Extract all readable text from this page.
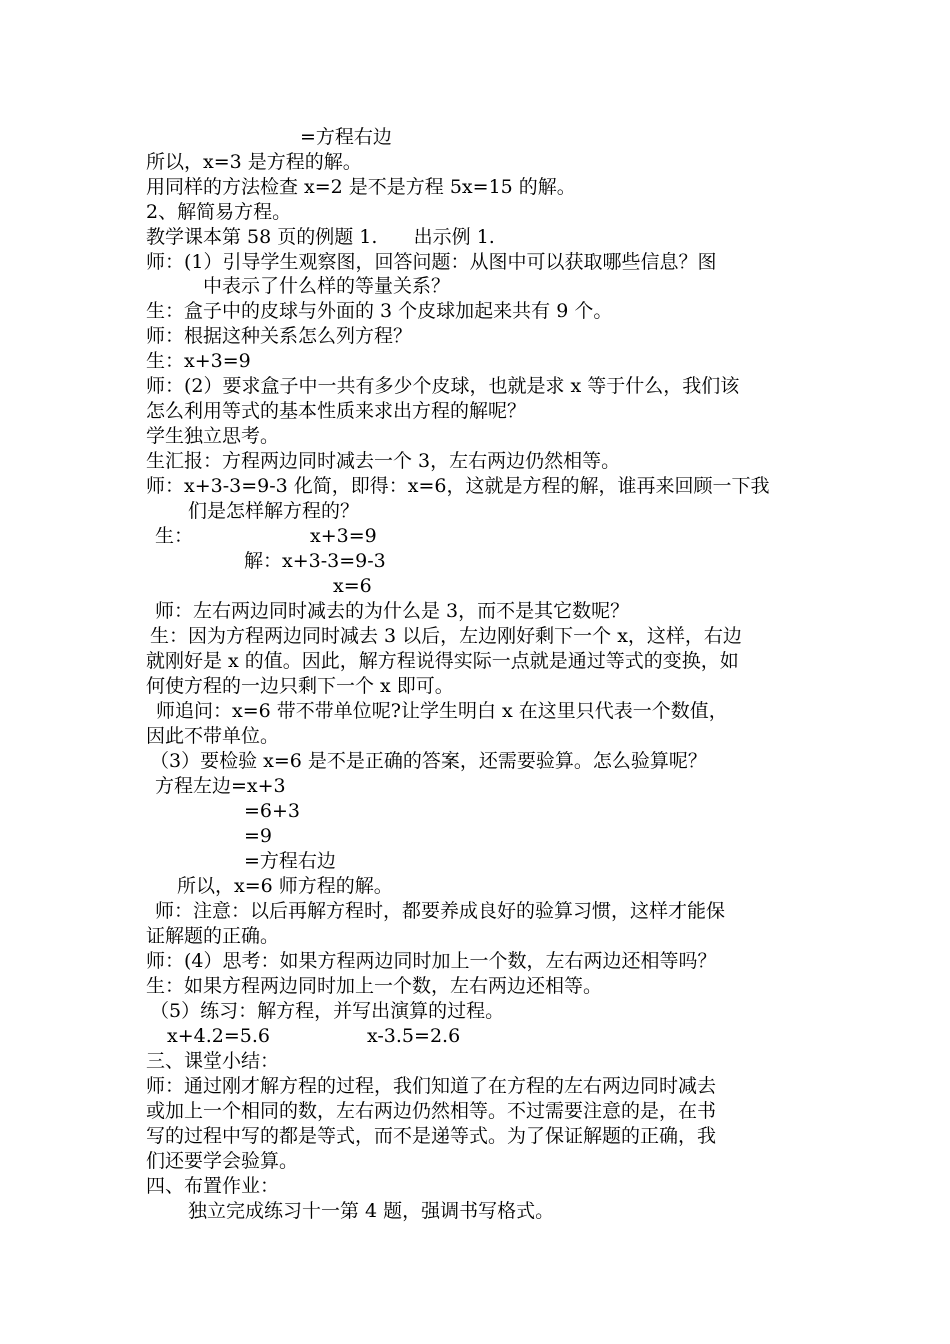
=方程右边

所以，x=3 是方程的解。

用同样的方法检查 x=2 是不是方程 5x=15 的解。

2、解简易方程。

教学课本第 58 页的例题 1.      出示例 1.

师：(1）引导学生观察图，回答问题：从图中可以获取哪些信息？图

中表示了什么样的等量关系？

生：盒子中的皮球与外面的 3 个皮球加起来共有 9 个。

师：根据这种关系怎么列方程？

生：x+3=9

师：(2）要求盒子中一共有多少个皮球，也就是求 x 等于什么，我们该

怎么利用等式的基本性质来求出方程的解呢？

学生独立思考。

生汇报：方程两边同时减去一个 3，左右两边仍然相等。

师：x+3-3=9-3 化简，即得：x=6，这就是方程的解，谁再来回顾一下我

们是怎样解方程的？

生：	x+3=9

解：x+3-3=9-3

x=6

师：左右两边同时减去的为什么是 3，而不是其它数呢？

生：因为方程两边同时减去 3 以后，左边刚好剩下一个 x，这样，右边

就刚好是 x 的值。因此，解方程说得实际一点就是通过等式的变换，如

何使方程的一边只剩下一个 x 即可。

师追问：x=6 带不带单位呢?让学生明白 x 在这里只代表一个数值，

因此不带单位。

（3）要检验 x=6 是不是正确的答案，还需要验算。怎么验算呢？

方程左边=x+3

=6+3

=9

=方程右边

所以，x=6 师方程的解。

师：注意：以后再解方程时，都要养成良好的验算习惯，这样才能保

证解题的正确。

师：(4）思考：如果方程两边同时加上一个数，左右两边还相等吗？

生：如果方程两边同时加上一个数，左右两边还相等。

（5）练习：解方程，并写出演算的过程。

x+4.2=5.6	x-3.5=2.6

三、课堂小结：

师：通过刚才解方程的过程，我们知道了在方程的左右两边同时减去

或加上一个相同的数，左右两边仍然相等。不过需要注意的是，在书

写的过程中写的都是等式，而不是递等式。为了保证解题的正确，我

们还要学会验算。

四、布置作业：

独立完成练习十一第 4 题，强调书写格式。
